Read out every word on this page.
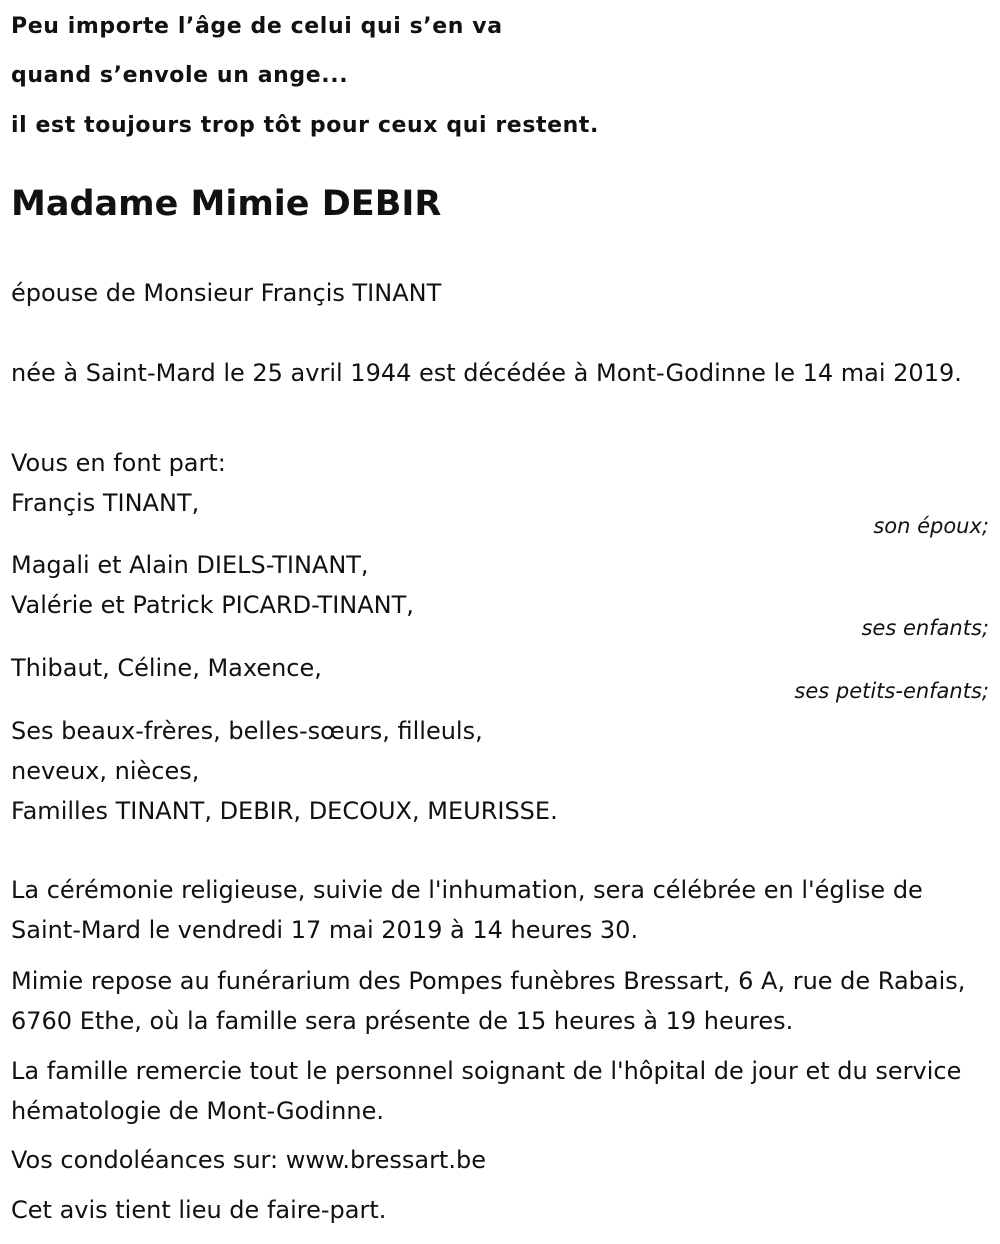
Peu importe l’âge de celui qui s’en va

quand s’envole un ange...

il est toujours trop tôt pour ceux qui restent.

Madame Mimie DEBIR

épouse de Monsieur Françis TINANT

née à Saint-Mard le 25 avril 1944 est décédée à Mont-Godinne le 14 mai 2019.

Vous en font part:

Françis TINANT,

son époux;

Magali et Alain DIELS-TINANT,

Valérie et Patrick PICARD-TINANT,

ses enfants;

Thibaut, Céline, Maxence,

ses petits-enfants;

Ses beaux-frères, belles-sœurs, filleuls,

neveux, nièces,

Familles TINANT, DEBIR, DECOUX, MEURISSE.

La cérémonie religieuse, suivie de l'inhumation, sera célébrée en l'église de Saint-Mard le vendredi 17 mai 2019 à 14 heures 30.

Mimie repose au funérarium des Pompes funèbres Bressart, 6 A, rue de Rabais, 6760 Ethe, où la famille sera présente de 15 heures à 19 heures.

La famille remercie tout le personnel soignant de l'hôpital de jour et du service hématologie de Mont-Godinne.

Vos condoléances sur: www.bressart.be

Cet avis tient lieu de faire-part.
